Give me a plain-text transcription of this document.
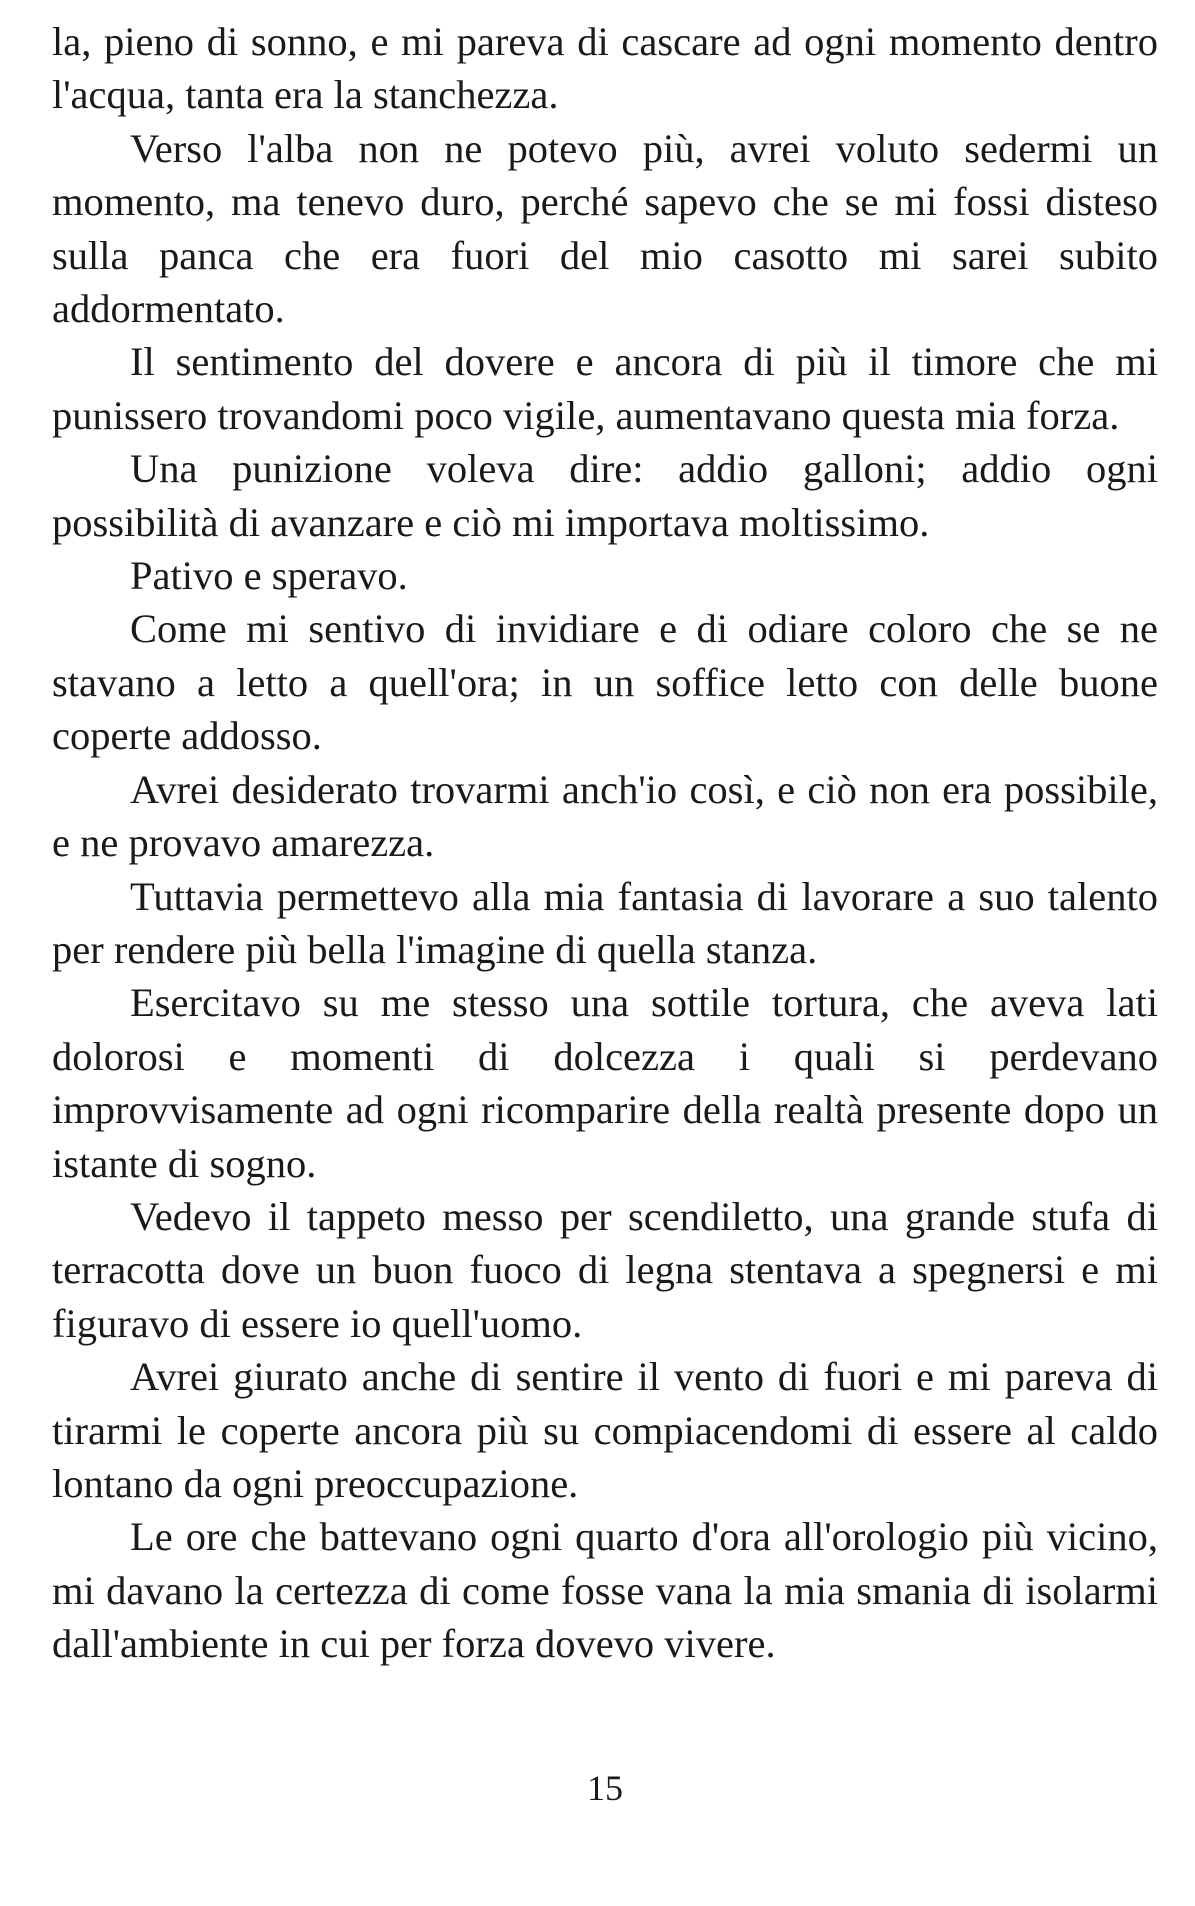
la, pieno di sonno, e mi pareva di cascare ad ogni momento dentro l'acqua, tanta era la stanchezza.

Verso l'alba non ne potevo più, avrei voluto sedermi un momento, ma tenevo duro, perché sapevo che se mi fossi disteso sulla panca che era fuori del mio casotto mi sarei subito addormentato.

Il sentimento del dovere e ancora di più il timore che mi punissero trovandomi poco vigile, aumentavano questa mia forza.

Una punizione voleva dire: addio galloni; addio ogni possibilità di avanzare e ciò mi importava moltissimo.

Pativo e speravo.

Come mi sentivo di invidiare e di odiare coloro che se ne stavano a letto a quell'ora; in un soffice letto con delle buone coperte addosso.

Avrei desiderato trovarmi anch'io così, e ciò non era possibile, e ne provavo amarezza.

Tuttavia permettevo alla mia fantasia di lavorare a suo talento per rendere più bella l'imagine di quella stanza.

Esercitavo su me stesso una sottile tortura, che aveva lati dolorosi e momenti di dolcezza i quali si perdevano improvvisamente ad ogni ricomparire della realtà presente dopo un istante di sogno.

Vedevo il tappeto messo per scendiletto, una grande stufa di terracotta dove un buon fuoco di legna stentava a spegnersi e mi figuravo di essere io quell'uomo.

Avrei giurato anche di sentire il vento di fuori e mi pareva di tirarmi le coperte ancora più su compiacendomi di essere al caldo lontano da ogni preoccupazione.

Le ore che battevano ogni quarto d'ora all'orologio più vicino, mi davano la certezza di come fosse vana la mia smania di isolarmi dall'ambiente in cui per forza dovevo vivere.

15
